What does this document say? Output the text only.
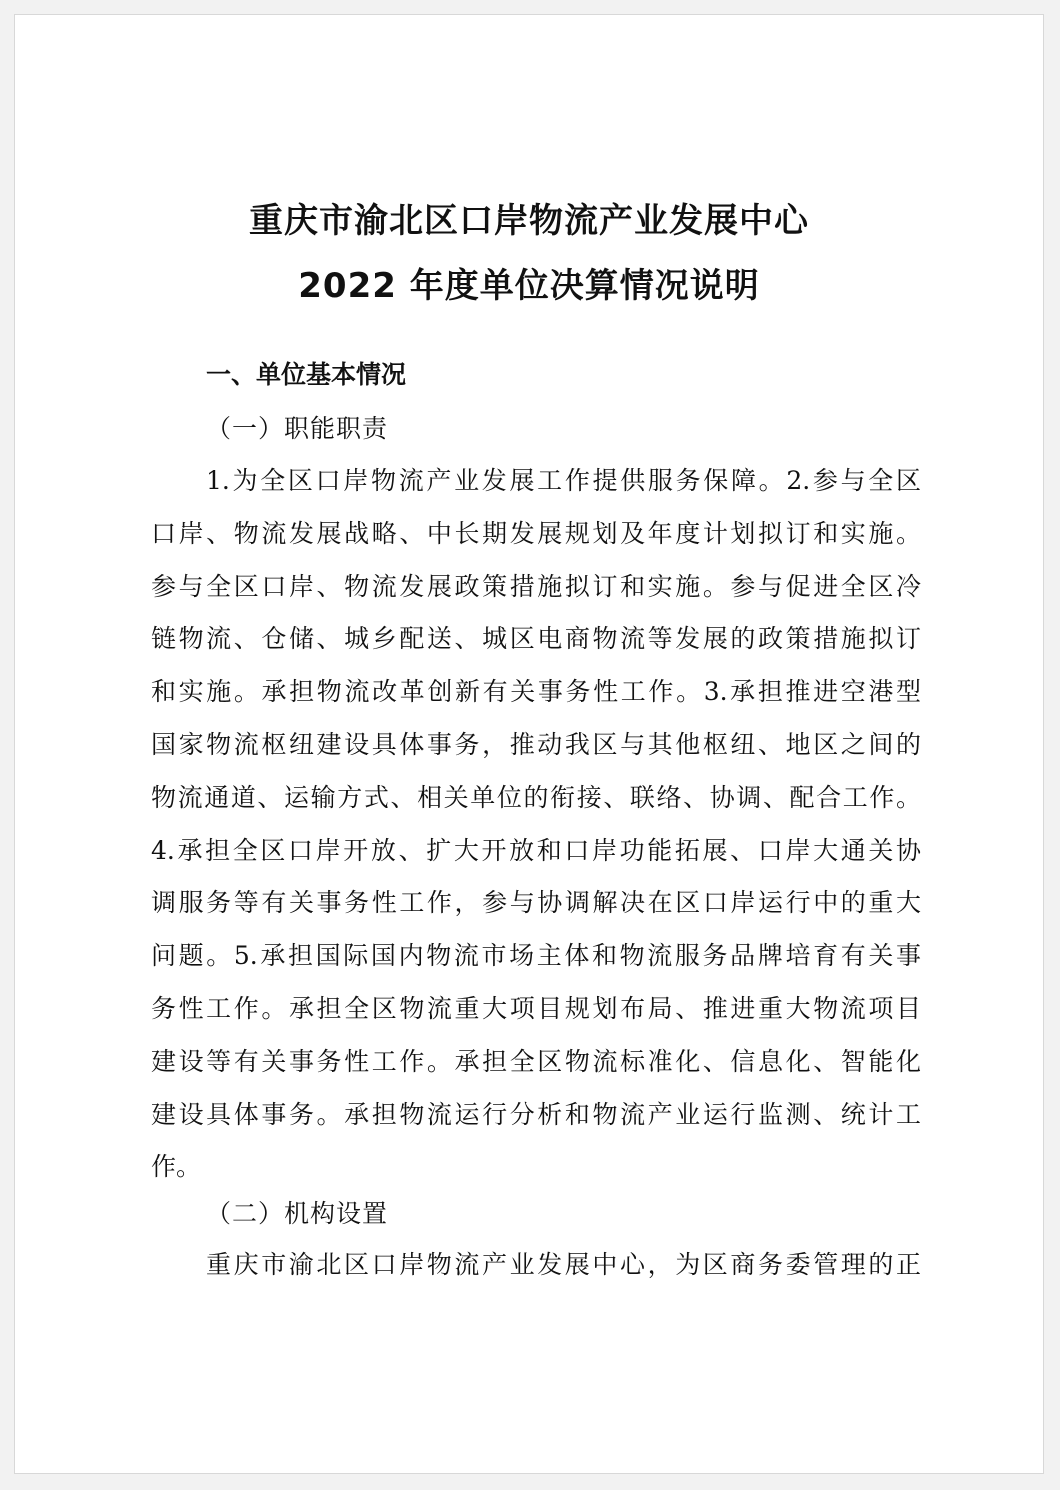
重庆市渝北区口岸物流产业发展中心
2022 年度单位决算情况说明
一、单位基本情况
（一）职能职责
1.为全区口岸物流产业发展工作提供服务保障。2.参与全区
口岸、物流发展战略、中长期发展规划及年度计划拟订和实施。
参与全区口岸、物流发展政策措施拟订和实施。参与促进全区冷
链物流、仓储、城乡配送、城区电商物流等发展的政策措施拟订
和实施。承担物流改革创新有关事务性工作。3.承担推进空港型
国家物流枢纽建设具体事务，推动我区与其他枢纽、地区之间的
物流通道、运输方式、相关单位的衔接、联络、协调、配合工作。
4.承担全区口岸开放、扩大开放和口岸功能拓展、口岸大通关协
调服务等有关事务性工作，参与协调解决在区口岸运行中的重大
问题。5.承担国际国内物流市场主体和物流服务品牌培育有关事
务性工作。承担全区物流重大项目规划布局、推进重大物流项目
建设等有关事务性工作。承担全区物流标准化、信息化、智能化
建设具体事务。承担物流运行分析和物流产业运行监测、统计工
作。
（二）机构设置
重庆市渝北区口岸物流产业发展中心，为区商务委管理的正
